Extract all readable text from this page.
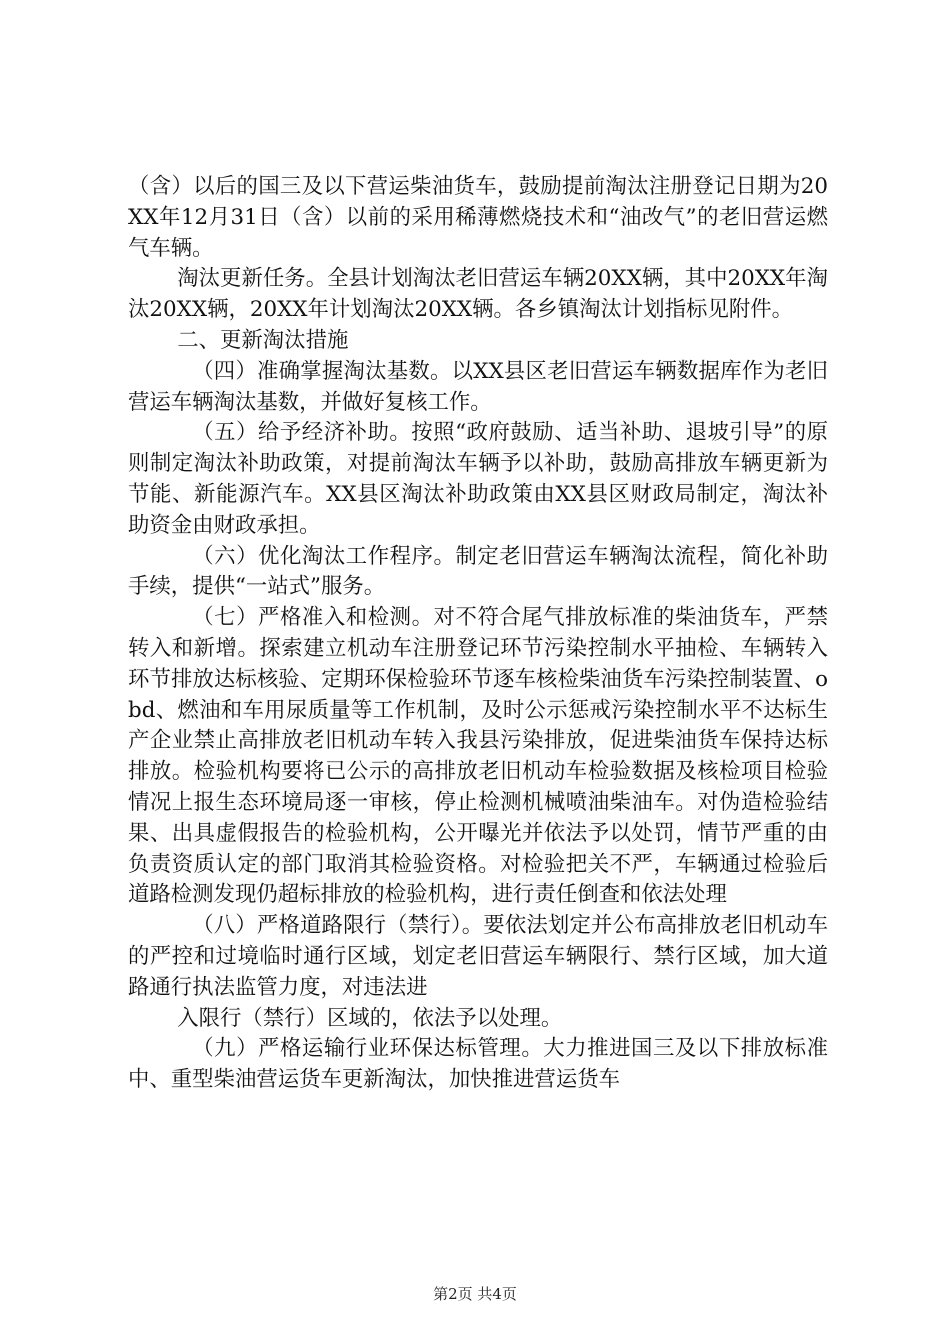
（含）以后的国三及以下营运柴油货车，鼓励提前淘汰注册登记日期为20XX年12月31日（含）以前的采用稀薄燃烧技术和“油改气”的老旧营运燃气车辆。

淘汰更新任务。全县计划淘汰老旧营运车辆20XX辆，其中20XX年淘汰20XX辆，20XX年计划淘汰20XX辆。各乡镇淘汰计划指标见附件。

二、更新淘汰措施

（四）准确掌握淘汰基数。以XX县区老旧营运车辆数据库作为老旧营运车辆淘汰基数，并做好复核工作。

（五）给予经济补助。按照“政府鼓励、适当补助、退坡引导”的原则制定淘汰补助政策，对提前淘汰车辆予以补助，鼓励高排放车辆更新为节能、新能源汽车。XX县区淘汰补助政策由XX县区财政局制定，淘汰补助资金由财政承担。

（六）优化淘汰工作程序。制定老旧营运车辆淘汰流程，简化补助手续，提供“一站式”服务。

（七）严格准入和检测。对不符合尾气排放标准的柴油货车，严禁转入和新增。探索建立机动车注册登记环节污染控制水平抽检、车辆转入环节排放达标核验、定期环保检验环节逐车核检柴油货车污染控制装置、obd、燃油和车用尿质量等工作机制，及时公示惩戒污染控制水平不达标生产企业禁止高排放老旧机动车转入我县污染排放，促进柴油货车保持达标排放。检验机构要将已公示的高排放老旧机动车检验数据及核检项目检验情况上报生态环境局逐一审核，停止检测机械喷油柴油车。对伪造检验结果、出具虚假报告的检验机构，公开曝光并依法予以处罚，情节严重的由负责资质认定的部门取消其检验资格。对检验把关不严，车辆通过检验后道路检测发现仍超标排放的检验机构，进行责任倒查和依法处理

（八）严格道路限行（禁行）。要依法划定并公布高排放老旧机动车的严控和过境临时通行区域，划定老旧营运车辆限行、禁行区域，加大道路通行执法监管力度，对违法进

入限行（禁行）区域的，依法予以处理。

（九）严格运输行业环保达标管理。大力推进国三及以下排放标准中、重型柴油营运货车更新淘汰，加快推进营运货车

第2页 共4页
